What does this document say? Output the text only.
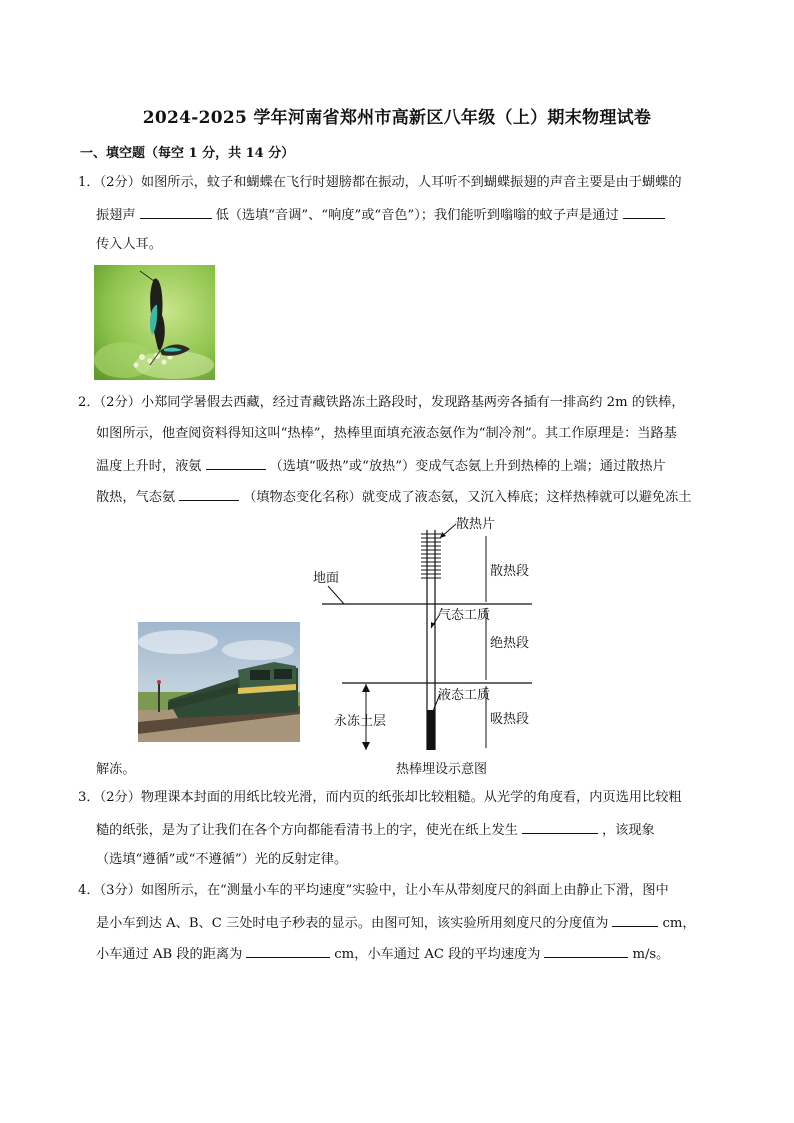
2024-2025 学年河南省郑州市高新区八年级（上）期末物理试卷
一、填空题（每空 1 分，共 14 分）
1．（2分）如图所示，蚊子和蝴蝶在飞行时翅膀都在振动，人耳听不到蝴蝶振翅的声音主要是由于蝴蝶的
振翅声	低（选填“音调”、“响度”或“音色”）；我们能听到嗡嗡的蚊子声是通过
传入人耳。
2．（2分）小郑同学暑假去西藏，经过青藏铁路冻土路段时，发现路基两旁各插有一排高约 2m 的铁棒，
如图所示，他查阅资料得知这叫“热棒”，热棒里面填充液态氨作为“制冷剂”。其工作原理是：当路基
温度上升时，液氨	（选填“吸热”或“放热”）变成气态氨上升到热棒的上端；通过散热片
散热，气态氨	（填物态变化名称）就变成了液态氨，又沉入棒底；这样热棒就可以避免冻土
散热片
地面	散热段
气态工质
绝热段
液态工质
永冻土层	吸热段
热棒埋设示意图
解冻。
3．（2分）物理课本封面的用纸比较光滑，而内页的纸张却比较粗糙。从光学的角度看，内页选用比较粗
糙的纸张，是为了让我们在各个方向都能看清书上的字，使光在纸上发生	，该现象
（选填“遵循”或“不遵循”）光的反射定律。
4．（3分）如图所示，在“测量小车的平均速度”实验中，让小车从带刻度尺的斜面上由静止下滑，图中
是小车到达 A、B、C 三处时电子秒表的显示。由图可知，该实验所用刻度尺的分度值为	cm，
小车通过 AB 段的距离为	cm，小车通过 AC 段的平均速度为	m/s。
